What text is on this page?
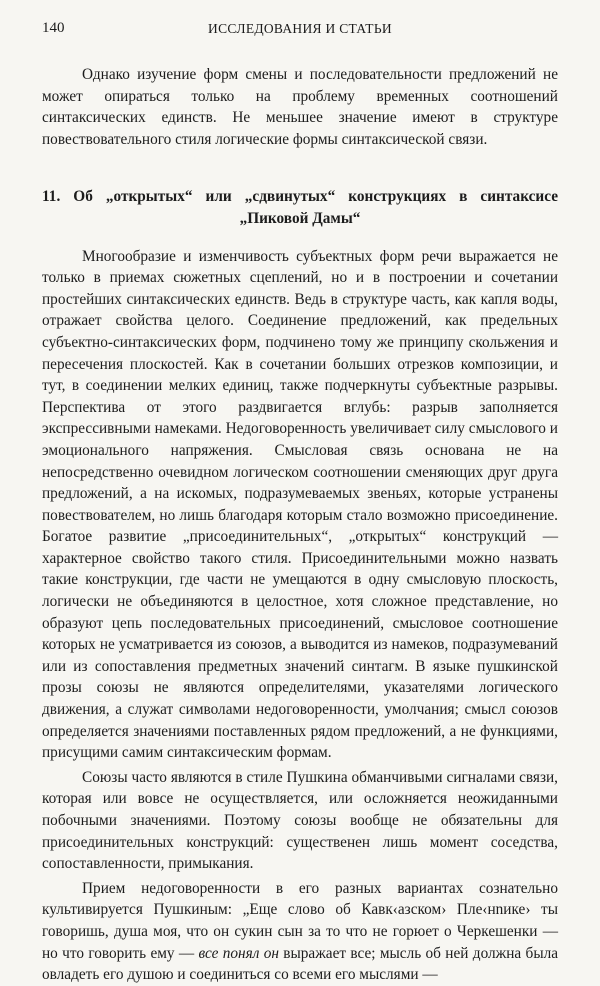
140	ИССЛЕДОВАНИЯ И СТАТЬИ

Однако изучение форм смены и последовательности предложений не может опираться только на проблему временных соотношений синтаксических единств. Не меньшее значение имеют в структуре повествовательного стиля логические формы синтаксической связи.

11. Об „открытых“ или „сдвинутых“ конструкциях в синтаксисе
„Пиковой Дамы“

Многообразие и изменчивость субъектных форм речи выражается не только в приемах сюжетных сцеплений, но и в построении и сочетании простейших синтаксических единств. Ведь в структуре часть, как капля воды, отражает свойства целого. Соединение предложений, как предельных субъектно-синтаксических форм, подчинено тому же принципу скольжения и пересечения плоскостей. Как в сочетании больших отрезков композиции, и тут, в соединении мелких единиц, также подчеркнуты субъектные разрывы. Перспектива от этого раздвигается вглубь: разрыв заполняется экспрессивными намеками. Недоговоренность увеличивает силу смыслового и эмоционального напряжения. Смысловая связь основана не на непосредственно очевидном логическом соотношении сменяющих друг друга предложений, а на искомых, подразумеваемых звеньях, которые устранены повествователем, но лишь благодаря которым стало возможно присоединение. Богатое развитие „присоединительных“, „открытых“ конструкций — характерное свойство такого стиля. Присоединительными можно назвать такие конструкции, где части не умещаются в одну смысловую плоскость, логически не объединяются в целостное, хотя сложное представление, но образуют цепь последовательных присоединений, смысловое соотношение которых не усматривается из союзов, а выводится из намеков, подразумеваний или из сопоставления предметных значений синтагм. В языке пушкинской прозы союзы не являются определителями, указателями логического движения, а служат символами недоговоренности, умолчания; смысл союзов определяется значениями поставленных рядом предложений, а не функциями, присущими самим синтаксическим формам.

Союзы часто являются в стиле Пушкина обманчивыми сигналами связи, которая или вовсе не осуществляется, или осложняется неожиданными побочными значениями. Поэтому союзы вообще не обязательны для присоединительных конструкций: существенен лишь момент соседства, сопоставленности, примыкания.

Прием недоговоренности в его разных вариантах сознательно культивируется Пушкиным: „Еще слово об Кавк‹азском› Пле‹нnике› ты говоришь, душа моя, что он сукин сын за то что не горюет о Черкешенки — но что говорить ему — все понял он выражает все; мысль об ней должна была овладеть его душою и соединиться со всеми его мыслями —
